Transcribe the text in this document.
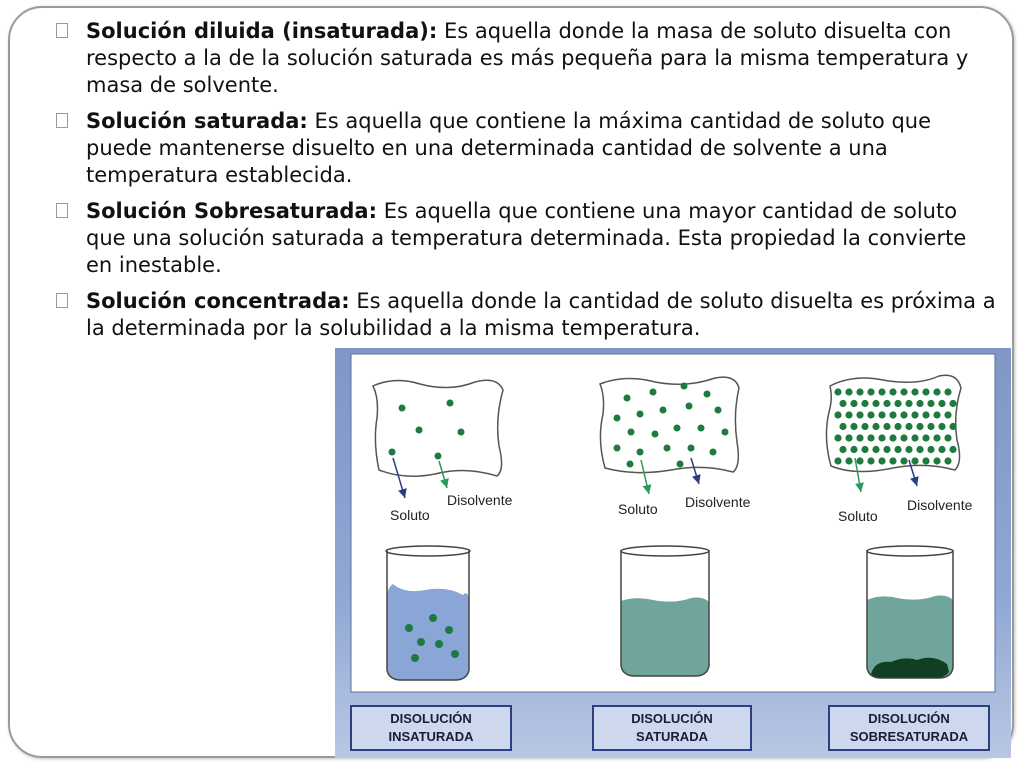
Solución diluida (insaturada): Es aquella donde la masa de soluto disuelta con respecto a la de la solución saturada es más pequeña para la misma temperatura y masa de solvente.
Solución saturada: Es aquella que contiene la máxima cantidad de soluto que puede mantenerse disuelto en una determinada cantidad de solvente a una temperatura establecida.
Solución Sobresaturada: Es aquella que contiene una mayor cantidad de soluto que una solución saturada a temperatura determinada. Esta propiedad la convierte en inestable.
Solución concentrada: Es aquella donde la cantidad de soluto disuelta es próxima a la determinada por la solubilidad a la misma temperatura.
Soluto
Disolvente
Soluto Disolvente
Soluto
Disolvente
DISOLUCIÓN
INSATURADA
DISOLUCIÓN
SATURADA
DISOLUCIÓN
SOBRESATURADA
